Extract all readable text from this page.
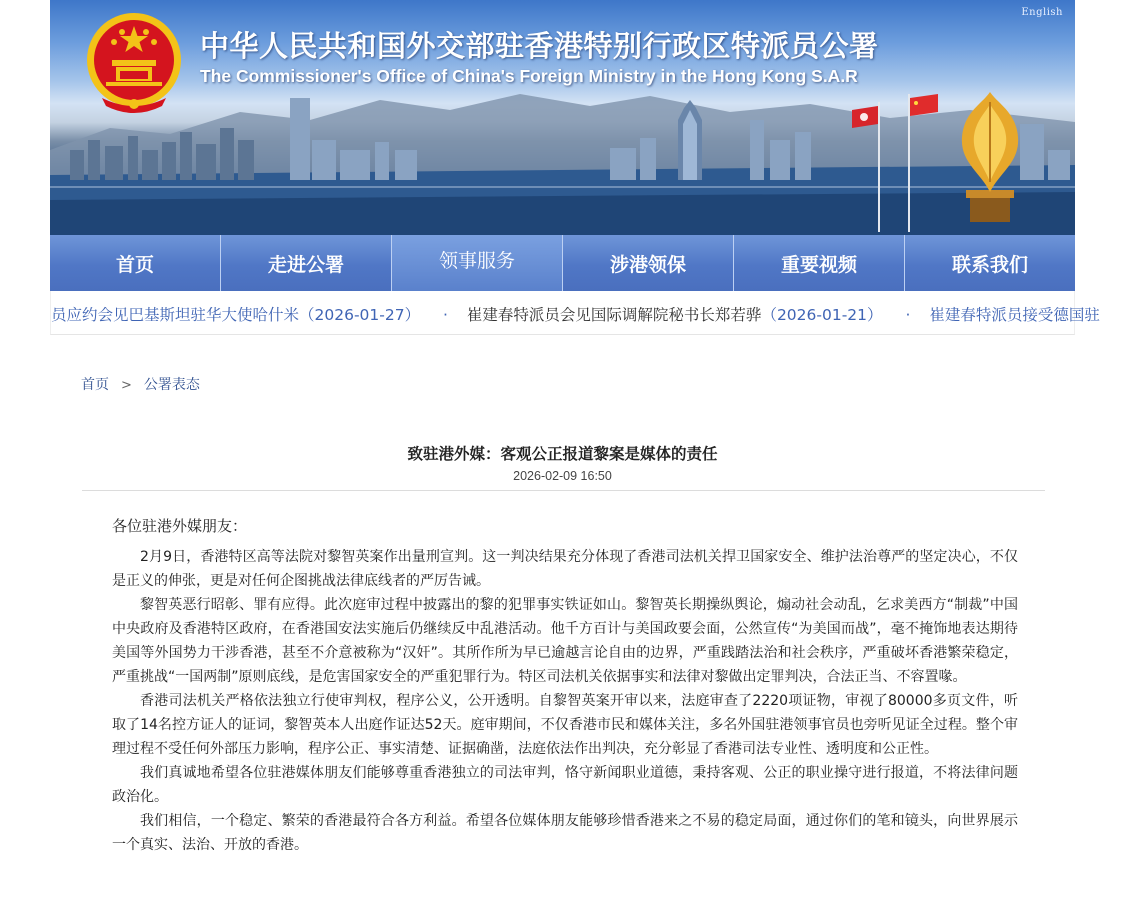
English
中华人民共和国外交部驻香港特别行政区特派员公署
The Commissioner's Office of China's Foreign Ministry in the Hong Kong S.A.R
首页	走进公署	领事服务	涉港领保	重要视频	联系我们
员应约会见巴基斯坦驻华大使哈什米（2026-01-27） · 崔建春特派员会见国际调解院秘书长郑若骅（2026-01-21） · 崔建春特派员接受德国驻
首页 > 公署表态
致驻港外媒：客观公正报道黎案是媒体的责任
2026-02-09 16:50
各位驻港外媒朋友：

2月9日，香港特区高等法院对黎智英案作出量刑宣判。这一判决结果充分体现了香港司法机关捍卫国家安全、维护法治尊严的坚定决心，不仅是正义的伸张，更是对任何企图挑战法律底线者的严厉告诫。

黎智英恶行昭彰、罪有应得。此次庭审过程中披露出的黎的犯罪事实铁证如山。黎智英长期操纵舆论，煽动社会动乱，乞求美西方“制裁”中国中央政府及香港特区政府，在香港国安法实施后仍继续反中乱港活动。他千方百计与美国政要会面，公然宣传“为美国而战”，毫不掩饰地表达期待美国等外国势力干涉香港，甚至不介意被称为“汉奸”。其所作所为早已逾越言论自由的边界，严重践踏法治和社会秩序，严重破坏香港繁荣稳定，严重挑战“一国两制”原则底线，是危害国家安全的严重犯罪行为。特区司法机关依据事实和法律对黎做出定罪判决，合法正当、不容置喙。

香港司法机关严格依法独立行使审判权，程序公义，公开透明。自黎智英案开审以来，法庭审查了2220项证物，审视了80000多页文件，听取了14名控方证人的证词，黎智英本人出庭作证达52天。庭审期间，不仅香港市民和媒体关注，多名外国驻港领事官员也旁听见证全过程。整个审理过程不受任何外部压力影响，程序公正、事实清楚、证据确凿，法庭依法作出判决，充分彰显了香港司法专业性、透明度和公正性。

我们真诚地希望各位驻港媒体朋友们能够尊重香港独立的司法审判，恪守新闻职业道德，秉持客观、公正的职业操守进行报道，不将法律问题政治化。

我们相信，一个稳定、繁荣的香港最符合各方利益。希望各位媒体朋友能够珍惜香港来之不易的稳定局面，通过你们的笔和镜头，向世界展示一个真实、法治、开放的香港。
